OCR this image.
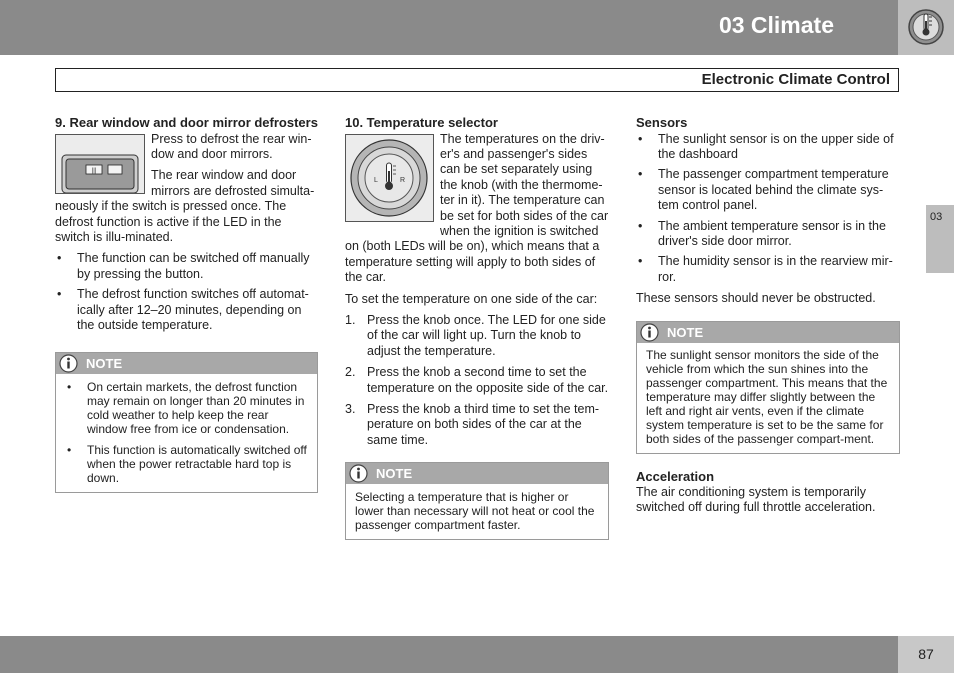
03 Climate
Electronic Climate Control
03
9. Rear window and door mirror defrosters
|||

Press to defrost the rear win-dow and door mirrors.

The rear window and door mirrors are defrosted simulta-neously if the switch is pressed once. The defrost function is active if the LED in the switch is illu-minated.

• The function can be switched off manually by pressing the button.
• The defrost function switches off automat-ically after 12–20 minutes, depending on the outside temperature.
NOTE
• On certain markets, the defrost function may remain on longer than 20 minutes in cold weather to help keep the rear window free from ice or condensation.
• This function is automatically switched off when the power retractable hard top is down.
10. Temperature selector
L	R

The temperatures on the driv-er's and passenger's sides can be set separately using the knob (with the thermome-ter in it). The temperature can be set for both sides of the car when the ignition is switched on (both LEDs will be on), which means that a temperature setting will apply to both sides of the car.

To set the temperature on one side of the car:

1. Press the knob once. The LED for one side of the car will light up. Turn the knob to adjust the temperature.
2. Press the knob a second time to set the temperature on the opposite side of the car.
3. Press the knob a third time to set the tem-perature on both sides of the car at the same time.
NOTE
Selecting a temperature that is higher or lower than necessary will not heat or cool the passenger compartment faster.
Sensors
• The sunlight sensor is on the upper side of the dashboard
• The passenger compartment temperature sensor is located behind the climate sys-tem control panel.
• The ambient temperature sensor is in the driver's side door mirror.
• The humidity sensor is in the rearview mir-ror.

These sensors should never be obstructed.

NOTE
The sunlight sensor monitors the side of the vehicle from which the sun shines into the passenger compartment. This means that the temperature may differ slightly between the left and right air vents, even if the climate system temperature is set to be the same for both sides of the passenger compart-ment.
Acceleration

The air conditioning system is temporarily switched off during full throttle acceleration.

87
